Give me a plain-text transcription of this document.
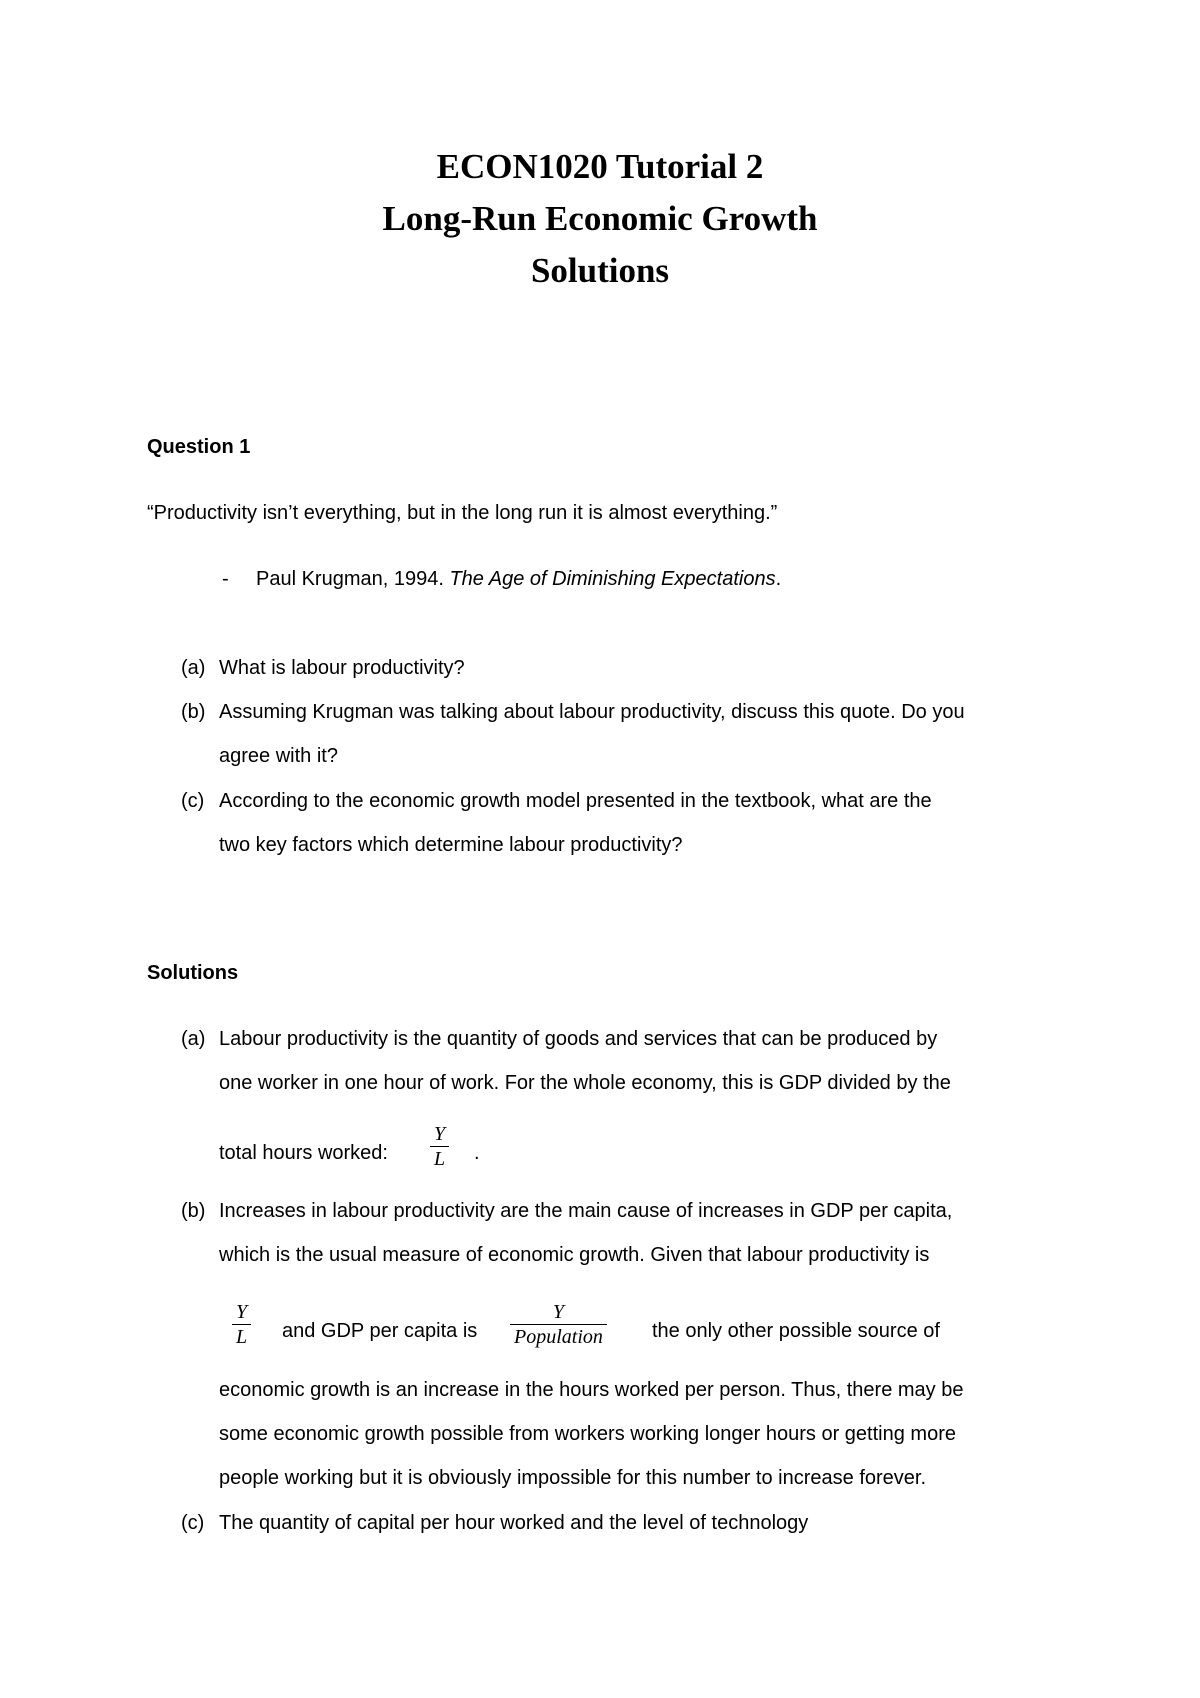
ECON1020 Tutorial 2
Long-Run Economic Growth
Solutions
Question 1
“Productivity isn’t everything, but in the long run it is almost everything.”
- Paul Krugman, 1994. The Age of Diminishing Expectations.
(a) What is labour productivity?
(b) Assuming Krugman was talking about labour productivity, discuss this quote. Do you
agree with it?
(c) According to the economic growth model presented in the textbook, what are the
two key factors which determine labour productivity?
Solutions
(a) Labour productivity is the quantity of goods and services that can be produced by
one worker in one hour of work. For the whole economy, this is GDP divided by the
total hours worked: $\frac{Y}{L}$ .
(b) Increases in labour productivity are the main cause of increases in GDP per capita,
which is the usual measure of economic growth. Given that labour productivity is
$\frac{Y}{L}$ and GDP per capita is
Y
Population the only other possible source of
economic growth is an increase in the hours worked per person. Thus, there may be
some economic growth possible from workers working longer hours or getting more
people working but it is obviously impossible for this number to increase forever.
(c) The quantity of capital per hour worked and the level of technology
